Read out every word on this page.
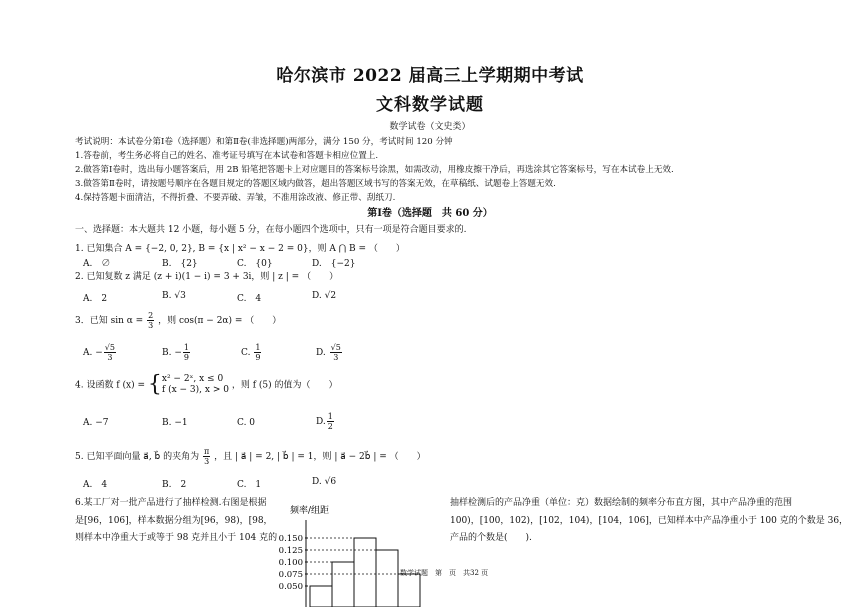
哈尔滨市 2022 届高三上学期期中考试
文科数学试题
数学试卷（文史类）
考试说明：本试卷分第Ⅰ卷（选择题）和第Ⅱ卷(非选择题)两部分，满分 150 分，考试时间 120 分钟
1.答卷前，考生务必将自己的姓名、准考证号填写在本试卷和答题卡相应位置上.
2.做答第Ⅰ卷时，选出每小题答案后，用 2B 铅笔把答题卡上对应题目的答案标号涂黑，如需改动，用橡皮擦干净后，再选涂其它答案标号，写在本试卷上无效.
3.做答第Ⅱ卷时，请按题号顺序在各题目规定的答题区域内做答，超出答题区域书写的答案无效，在草稿纸、试题卷上答题无效.
4.保持答题卡面清洁，不得折叠、不要弄破、弄皱，不准用涂改液、修正带、刮纸刀.
第Ⅰ卷（选择题　共 60 分）
一、选择题：本大题共 12 小题，每小题 5 分，在每小题四个选项中，只有一项是符合题目要求的.
1. 已知集合 A = {−2, 0, 2}, B = {x | x² − x − 2 = 0}，则 A ⋂ B = （　　）
A.　∅	B.　{2}	C.　{0}	D.　{−2}
2. 已知复数 z 满足 (z + i)(1 − i) = 3 + 3i，则 | z | = （　　）
A.　2	B. √3	C.　4	D. √2
3．已知 $\sin \alpha = \frac{2}{3}$ ，则 cos(π − 2α) = （　　）
A. − $\frac{√5}{3}$	B. − $\frac{1}{9}$	C. $\frac{1}{9}$	D. $\frac{√5}{3}$
4. 设函数 f (x) = {x² − 2ˣ, x ≤ 0
f (x − 3), x > 0 ，则 f (5) 的值为（　　）
A. −7	B. −1	C. 0	D. $\frac{1}{2}$
5. 已知平面向量 a⃗, b⃗ 的夹角为 $\frac{\pi}{3}$ ，且 | a⃗ | = 2, | b⃗ | = 1，则 | a⃗ − 2b⃗ | = （　　）
A.　4	B.　2	C.　1	D. √6
6.某工厂对一批产品进行了抽样检测.右图是根据
是[96，106]，样本数据分组为[96，98)，[98，
则样本中净重大于或等于 98 克并且小于 104 克的
抽样检测后的产品净重（单位：克）数据绘制的频率分布直方图，其中产品净重的范围
100)，[100，102)，[102，104)，[104，106]，已知样本中产品净重小于 100 克的个数是 36，
产品的个数是(　　).
频率/组距
0.150
0.125
0.100
0.075
0.050
数学试题　第　页　共32 页
